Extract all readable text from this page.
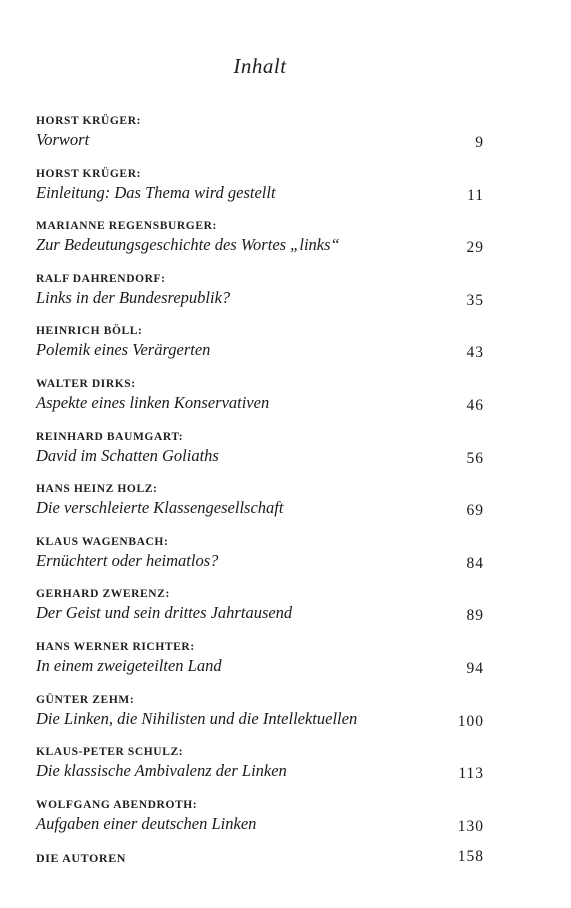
Inhalt
HORST KRÜGER:
Vorwort	9
HORST KRÜGER:
Einleitung: Das Thema wird gestellt	11
MARIANNE REGENSBURGER:
Zur Bedeutungsgeschichte des Wortes „links“	29
RALF DAHRENDORF:
Links in der Bundesrepublik?	35
HEINRICH BÖLL:
Polemik eines Verärgerten	43
WALTER DIRKS:
Aspekte eines linken Konservativen	46
REINHARD BAUMGART:
David im Schatten Goliaths	56
HANS HEINZ HOLZ:
Die verschleierte Klassengesellschaft	69
KLAUS WAGENBACH:
Ernüchtert oder heimatlos?	84
GERHARD ZWERENZ:
Der Geist und sein drittes Jahrtausend	89
HANS WERNER RICHTER:
In einem zweigeteilten Land	94
GÜNTER ZEHM:
Die Linken, die Nihilisten und die Intellektuellen	100
KLAUS-PETER SCHULZ:
Die klassische Ambivalenz der Linken	113
WOLFGANG ABENDROTH:
Aufgaben einer deutschen Linken	130
DIE AUTOREN	158
